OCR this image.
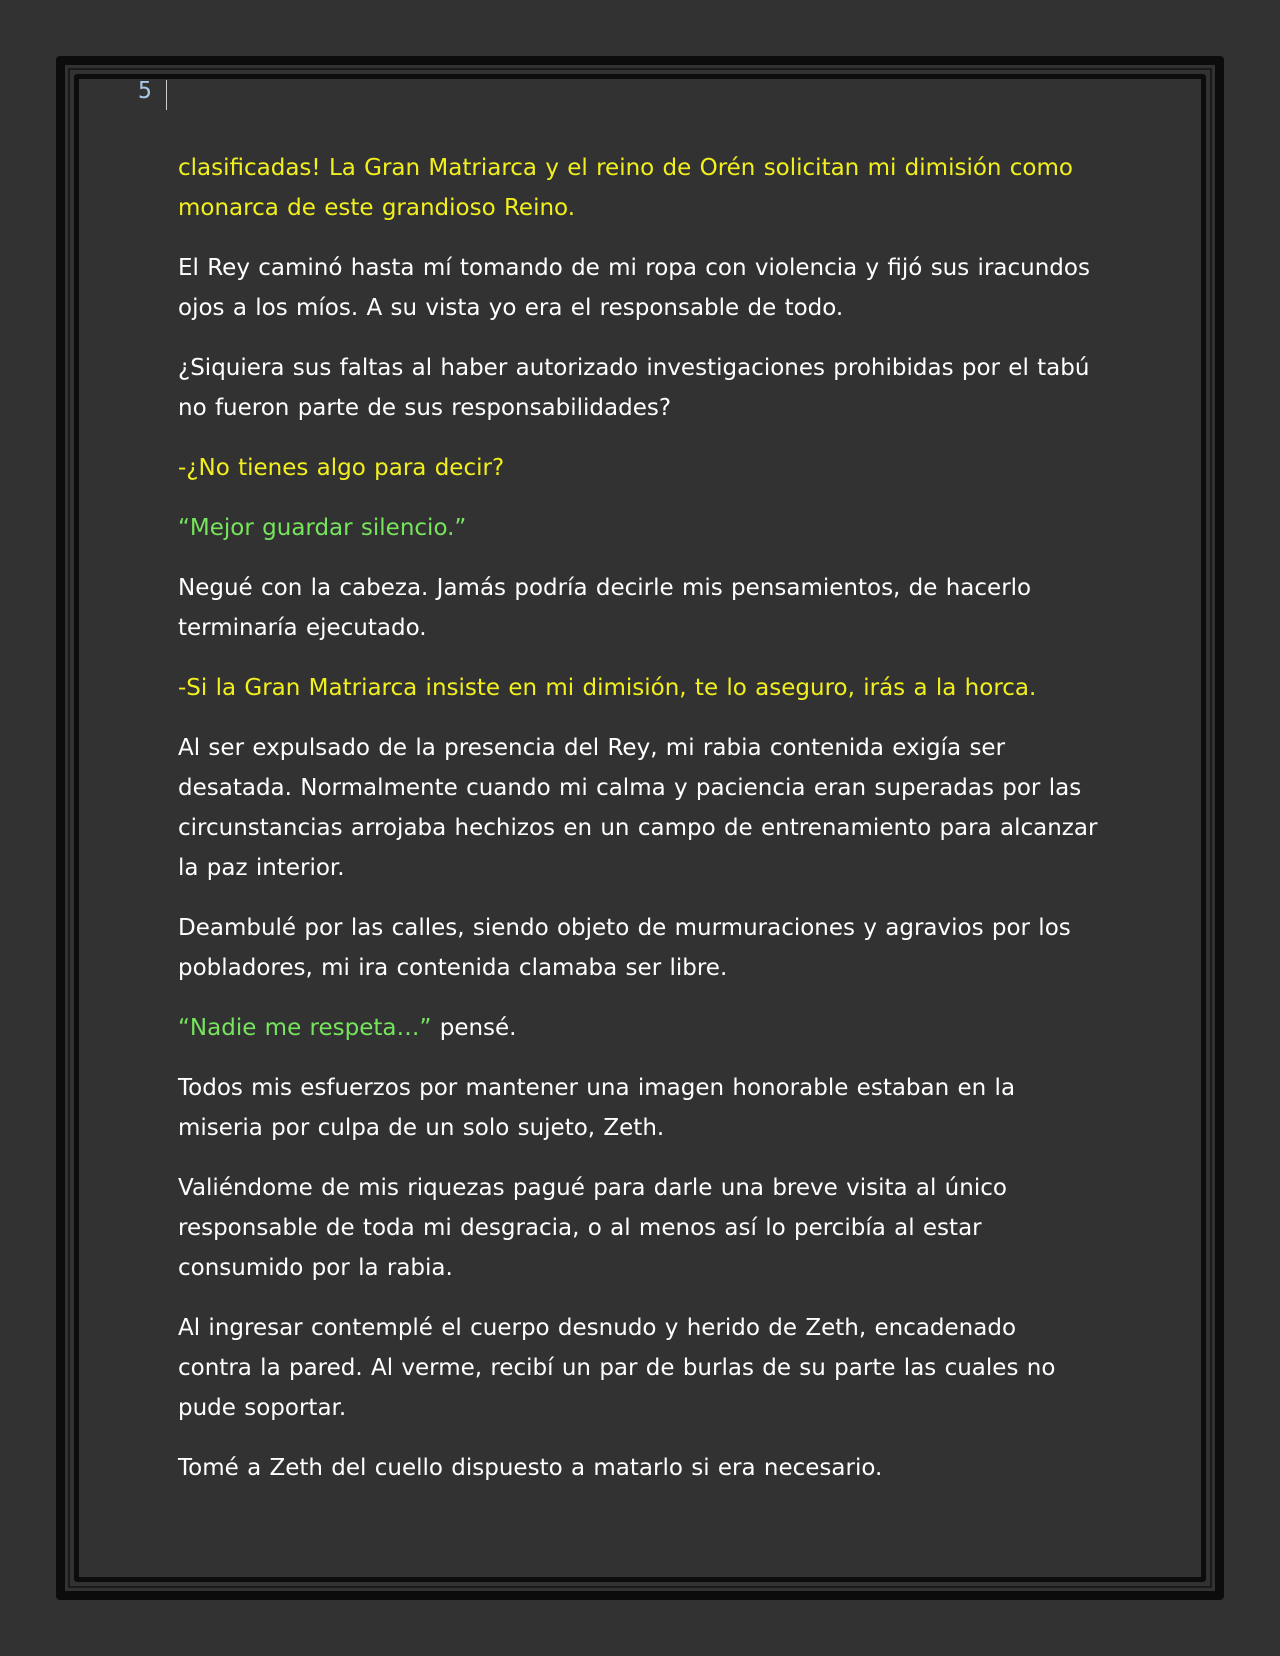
5

clasificadas! La Gran Matriarca y el reino de Orén solicitan mi dimisión como monarca de este grandioso Reino.

El Rey caminó hasta mí tomando de mi ropa con violencia y fijó sus iracundos ojos a los míos. A su vista yo era el responsable de todo.

¿Siquiera sus faltas al haber autorizado investigaciones prohibidas por el tabú no fueron parte de sus responsabilidades?

-¿No tienes algo para decir?

“Mejor guardar silencio.”

Negué con la cabeza. Jamás podría decirle mis pensamientos, de hacerlo terminaría ejecutado.

-Si la Gran Matriarca insiste en mi dimisión, te lo aseguro, irás a la horca.

Al ser expulsado de la presencia del Rey, mi rabia contenida exigía ser desatada. Normalmente cuando mi calma y paciencia eran superadas por las circunstancias arrojaba hechizos en un campo de entrenamiento para alcanzar la paz interior.

Deambulé por las calles, siendo objeto de murmuraciones y agravios por los pobladores, mi ira contenida clamaba ser libre.

“Nadie me respeta…” pensé.

Todos mis esfuerzos por mantener una imagen honorable estaban en la miseria por culpa de un solo sujeto, Zeth.

Valiéndome de mis riquezas pagué para darle una breve visita al único responsable de toda mi desgracia, o al menos así lo percibía al estar consumido por la rabia.

Al ingresar contemplé el cuerpo desnudo y herido de Zeth, encadenado contra la pared. Al verme, recibí un par de burlas de su parte las cuales no pude soportar.

Tomé a Zeth del cuello dispuesto a matarlo si era necesario.
